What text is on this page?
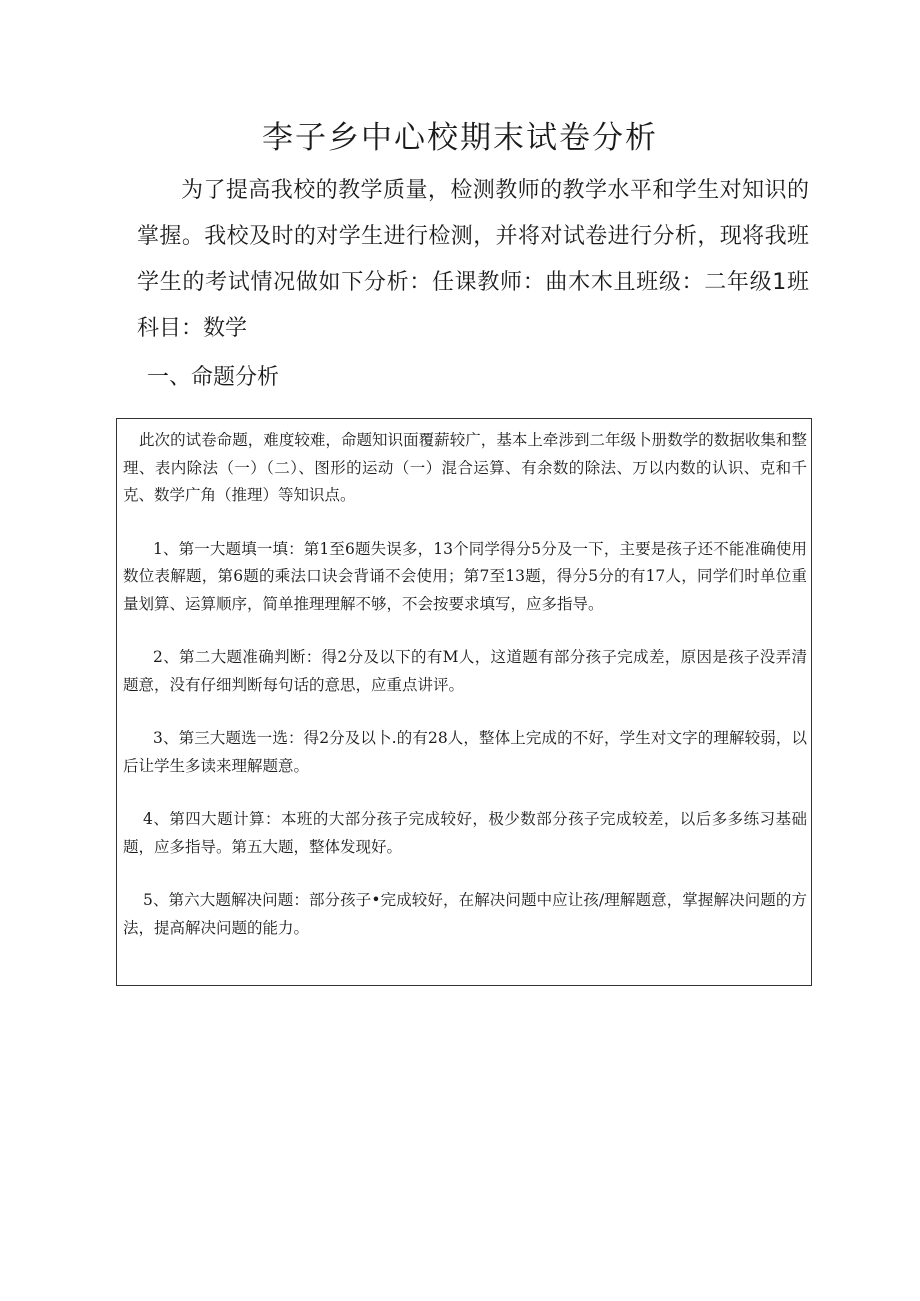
李子乡中心校期末试卷分析

为了提高我校的教学质量，检测教师的教学水平和学生对知识的掌握。我校及时的对学生进行检测，并将对试卷进行分析，现将我班学生的考试情况做如下分析：任课教师：曲木木且班级：二年级1班科目：数学

一、命题分析

此次的试卷命题，难度较难，命题知识面覆薪较广，基本上牵涉到二年级卜册数学的数据收集和整理、表内除法（一）（二）、图形的运动（一）混合运算、有余数的除法、万以内数的认识、克和千克、数学广角（推理）等知识点。

1、第一大题填一填：第1至6题失误多，13个同学得分5分及一下，主要是孩子还不能准确使用数位表解题，第6题的乘法口诀会背诵不会使用；第7至13题，得分5分的有17人，同学们时单位重量划算、运算顺序，简单推理理解不够，不会按要求填写，应多指导。

2、第二大题准确判断：得2分及以下的有M人，这道题有部分孩子完成差，原因是孩子没弄清题意，没有仔细判断每句话的意思，应重点讲评。

3、第三大题选一选：得2分及以卜.的有28人，整体上完成的不好，学生对文字的理解较弱，以后让学生多读来理解题意。

4、第四大题计算：本班的大部分孩子完成较好，极少数部分孩子完成较差，以后多多练习基础题，应多指导。第五大题，整体发现好。

5、第六大题解决问题：部分孩子•完成较好，在解决问题中应让孩/理解题意，掌握解决问题的方法，提高解决问题的能力。
